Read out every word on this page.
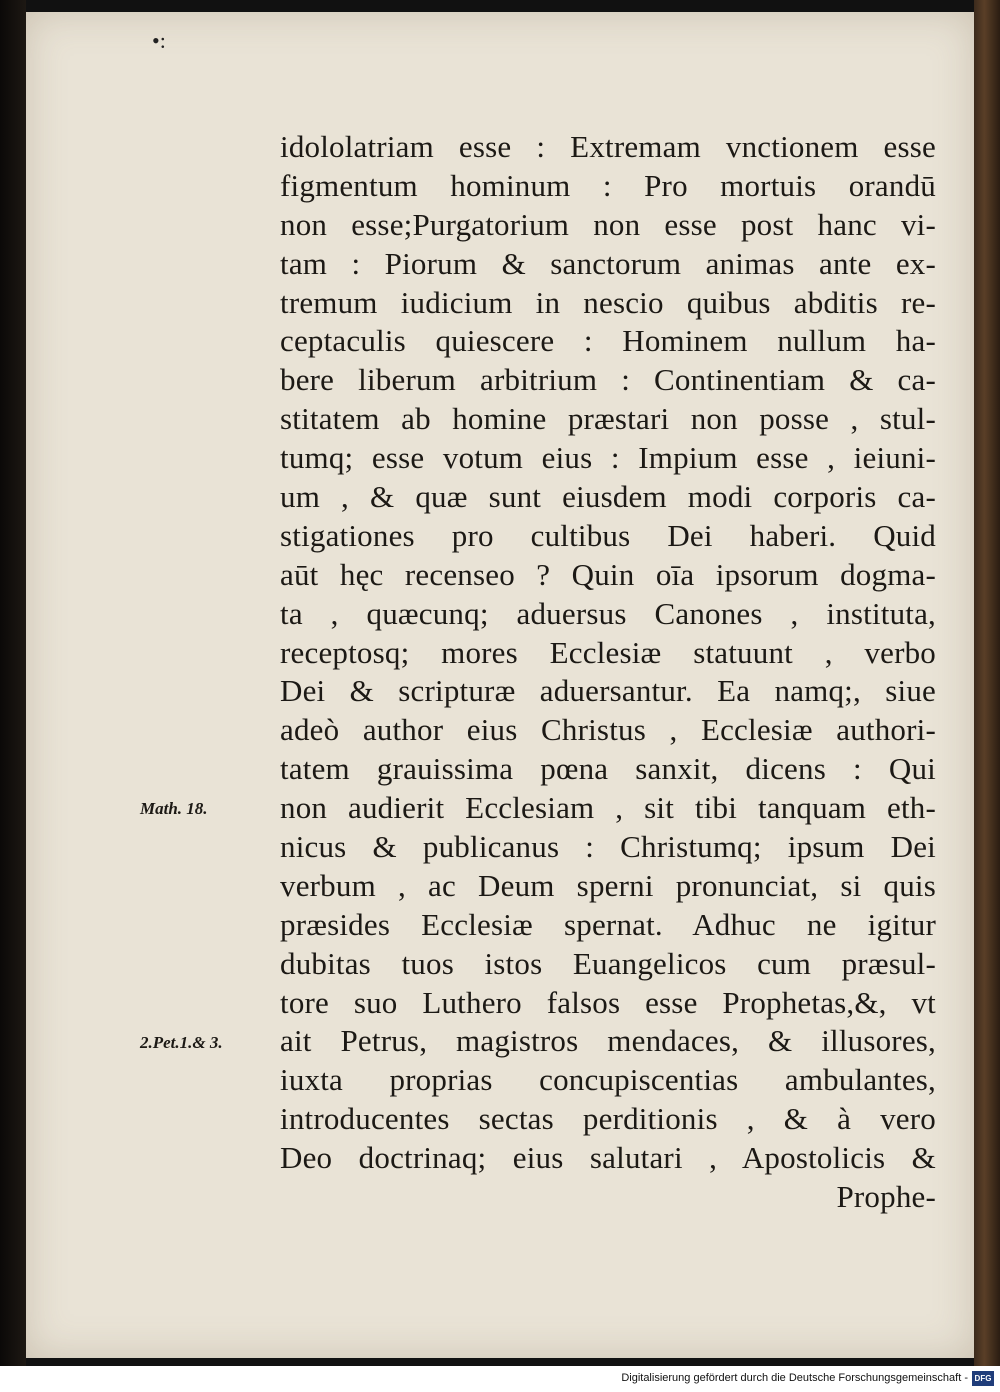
•:
idololatriam esse : Extremam vnctionem esse
figmentum hominum : Pro mortuis orandū
non esse;Purgatorium non esse post hanc vi-
tam : Piorum & sanctorum animas ante ex-
tremum iudicium in nescio quibus abditis re-
ceptaculis quiescere : Hominem nullum ha-
bere liberum arbitrium : Continentiam & ca-
stitatem ab homine præstari non posse , stul-
tumq; esse votum eius : Impium esse , ieiuni-
um , & quæ sunt eiusdem modi corporis ca-
stigationes pro cultibus Dei haberi. Quid
aūt hęc recenseo ? Quin oīa ipsorum dogma-
ta , quæcunq; aduersus Canones , instituta,
receptosq; mores Ecclesiæ statuunt , verbo
Dei & scripturæ aduersantur. Ea namq;, siue
adeò author eius Christus , Ecclesiæ authori-
tatem grauissima pœna sanxit, dicens : Qui
non audierit Ecclesiam , sit tibi tanquam eth-
nicus & publicanus : Christumq; ipsum Dei
verbum , ac Deum sperni pronunciat, si quis
præsides Ecclesiæ spernat. Adhuc ne igitur
dubitas tuos istos Euangelicos cum præsul-
tore suo Luthero falsos esse Prophetas,&, vt
ait Petrus, magistros mendaces, & illusores,
iuxta proprias concupiscentias ambulantes,
introducentes sectas perditionis , & à vero
Deo doctrinaq; eius salutari , Apostolicis &
Prophe-
Math. 18.
2.Pet.1.& 3.
Digitalisierung gefördert durch die Deutsche Forschungsgemeinschaft - DFG
